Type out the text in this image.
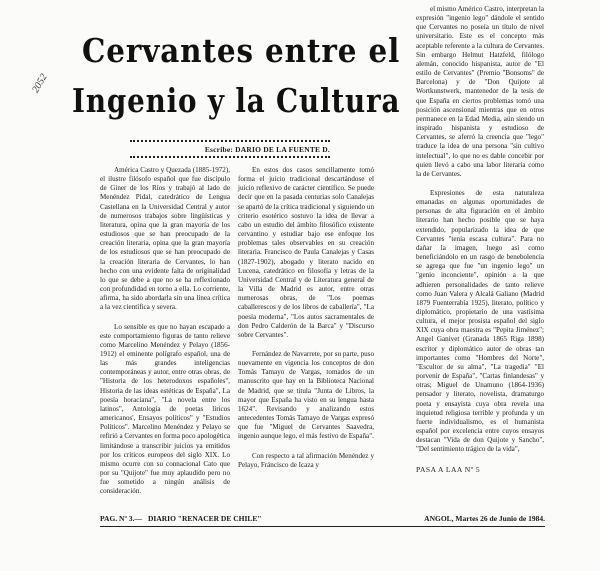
2052
Cervantes entre el
Ingenio y la Cultura
Escribe: DARIO DE LA FUENTE D.

América Castro y Quezada (1885-1972), el ilustre filósofo español que fue discípulo de Giner de los Ríos y trabajó al lado de Menéndez Pidal, catedrático de Lengua Castellana en la Universidad Central y autor de numerosos trabajos sobre lingüísticas y literatura, opina que la gran mayoría de los estudiosos que se han preocupado de la creación literaria, opina que la gran mayoría de los estudiosos que se han preocupado de la creación literaria de Cervantes, lo han hecho con una evidente falta de originalidad lo que se debe a que no se ha reflexionado con profundidad en torno a ella. Lo corriente, afirma, ha sido abordarla sin una línea crítica a la vez científica y severa.

Lo sensible es que no hayan escapado a este comportamiento figuras de tanto relieve como Marcelino Menéndez y Pelayo (1856-1912) el eminente polígrafo español, una de las más grandes inteligencias contemporáneas y autor, entre otras obras, de "Historia de los heterodoxos españoles", Historia de las ideas estéticas de España", La poesía horaciana", "La novela entre los latinos", Antología de poetas líricos americanos', Ensayos políticos" y "Estudios Políticos". Marcelino Menéndez y Pelayo se refirió a Cervantes en forma poco apologética limitándose a transcribir juicios ya emitidos por los críticos europeos del siglo XIX. Lo mismo ocurre con su connacional Cato que por su "Quijote" fue muy aplaudido pero no fue sometido a ningún análisis de consideración.

En estos dos casos sencillamente tomó forma el juicio tradicional descartándose el juicio reflexivo de carácter científico. Se puede decir que en la pasada centurias solo Canalejas se apartó de la crítica tradicional y siguiendo un criterio esotérico sostuvo la idea de llevar a cabo un estudio del ámbito filosófico existente cervantino y estudiar bajo ese enfoque los problemas tales observables en su creación literaria. Francisco de Paula Canalejas y Casas (1827-1902), abogado y literato nacido en Lucena, catedrático en filosofía y letras de la Universidad Central y de Literatura general de la Villa de Madrid es autor, entre otras numerosas obras, de "Los poemas caballerescos y de los libros de caballería", "La poesía moderna", "Los autos sacramentales de don Pedro Calderón de la Barca" y "Discurso sobre Cervantes".

Fernández de Navarrete, por su parte, puso nuevamente en vigencia los conceptos de don Tomás Tamayo de Vargas, tomados de un manuscrito que hay en la Biblioteca Nacional de Madrid, que se titula "Junta de Libros, la mayor que España ha visto en su lengua hasta 1624". Revisando y analizando estos antecedentes Tomás Tamayo de Vargas expresó que fue "Miguel de Cervantes Saavedra, ingenio aunque lego, el más festivo de España".

Con respecto a tal afirmación Menéndez y Pelayo, Fráncisco de Icaza y

el mismo Américo Castro, interpretan la expresión "ingenio lego" dándole el sentido que Cervantes no poseía un título de nivel universitario. Este es el concepto más aceptable referente a la cultura de Cervantes. Sin embargo Helmut Hatzfeld, filólogo alemán, conocido hispanista, autor de "El estilo de Cervantes" (Premio "Bonsoms" de Barcelona) y de "Don Quijote al Wortkunstwerk, mantenedor de la tesis de que España en ciertos problemas tomó una posición ascensional mientras que en otros permanece en la Edad Media, aún siendo un inspirado hispanista y estudioso de Cervantes, se aferró la creencia que "lego" traduce la idea de una persona "sin cultivo intelectual", lo que no es dable concebir por quien llevó a cabo una labor literaria como la de Cervantes.

Expresiones de esta naturaleza emanadas en algunas oportunidades de personas de alta figuración en el ámbito literario han hecho posible que se haya extendido, popularizado la idea de que Cervantes "tenía escasa cultura". Para no dañar la imagen, luego así como beneficiándolo en un rasgo de benebolencia se agrega que fue "un ingenio lego" un "genio inconciente", opinión a la que adhieren personalidades de tanto relieve como Juan Valera y Alcalá Galiano (Madrid 1879 Fuenterrabía 1925), literato, político y diplomático, propietario de una vastísima cultura, el mejor prosista español del siglo XIX cuya obra maestra es "Pepita Jiménez"; Angel Ganivet (Granada 1865 Riga 1898) escritor y diplomático autor de obras tan importantes como "Hombres del Norte", "Escultor de su alma", "La tragedia" "El porvenir de España", "Cartas finlandesas" y otras; Miguel de Unamuno (1864-1936) pensador y literato, novelista, dramaturgo poeta y ensayista cuya obra revela una inquietud religiosa terrible y profunda y un fuerte individualismo, es el humanista español por excelencia entre cuyos ensayos destacan "Vida de don Quijote y Sancho", "Del sentimiento trágico de la vida",

PASA A LAA Nº 5
PAG. Nº 3.— DIARIO "RENACER DE CHILE"	ANGOL, Martes 26 de Junio de 1984.
